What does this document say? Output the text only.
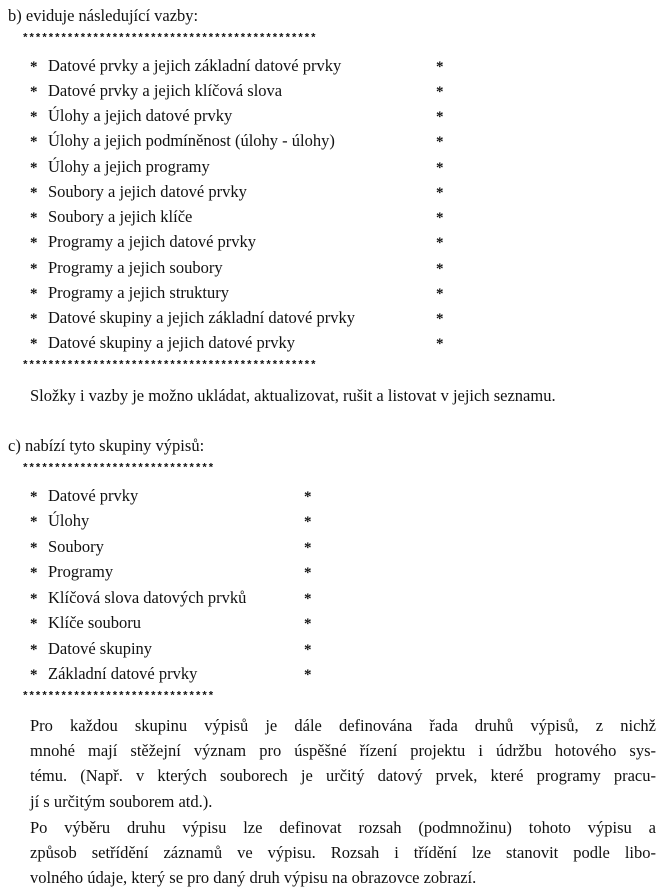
b) eviduje následující vazby:
**********************************************
* Datové prvky a jejich základní datové prvky	*
* Datové prvky a jejich klíčová slova	*
* Úlohy a jejich datové prvky	*
* Úlohy a jejich podmíněnost (úlohy - úlohy)	*
* Úlohy a jejich programy	*
* Soubory a jejich datové prvky	*
* Soubory a jejich klíče	*
* Programy a jejich datové prvky	*
* Programy a jejich soubory	*
* Programy a jejich struktury	*
* Datové skupiny a jejich základní datové prvky	*
* Datové skupiny a jejich datové prvky	*
**********************************************
Složky i vazby je možno ukládat, aktualizovat, rušit a listovat v jejich seznamu.
c) nabízí tyto skupiny výpisů:
******************************
* Datové prvky	*
* Úlohy	*
* Soubory	*
* Programy	*
* Klíčová slova datových prvků	*
* Klíče souboru	*
* Datové skupiny	*
* Základní datové prvky	*
******************************
Pro každou skupinu výpisů je dále definována řada druhů výpisů, z nichž
mnohé mají stěžejní význam pro úspěšné řízení projektu i údržbu hotového sys-
tému. (Např. v kterých souborech je určitý datový prvek, které programy pracu-
jí s určitým souborem atd.).
Po výběru druhu výpisu lze definovat rozsah (podmnožinu) tohoto výpisu a
způsob setřídění záznamů ve výpisu. Rozsah i třídění lze stanovit podle libo-
volného údaje, který se pro daný druh výpisu na obrazovce zobrazí.
